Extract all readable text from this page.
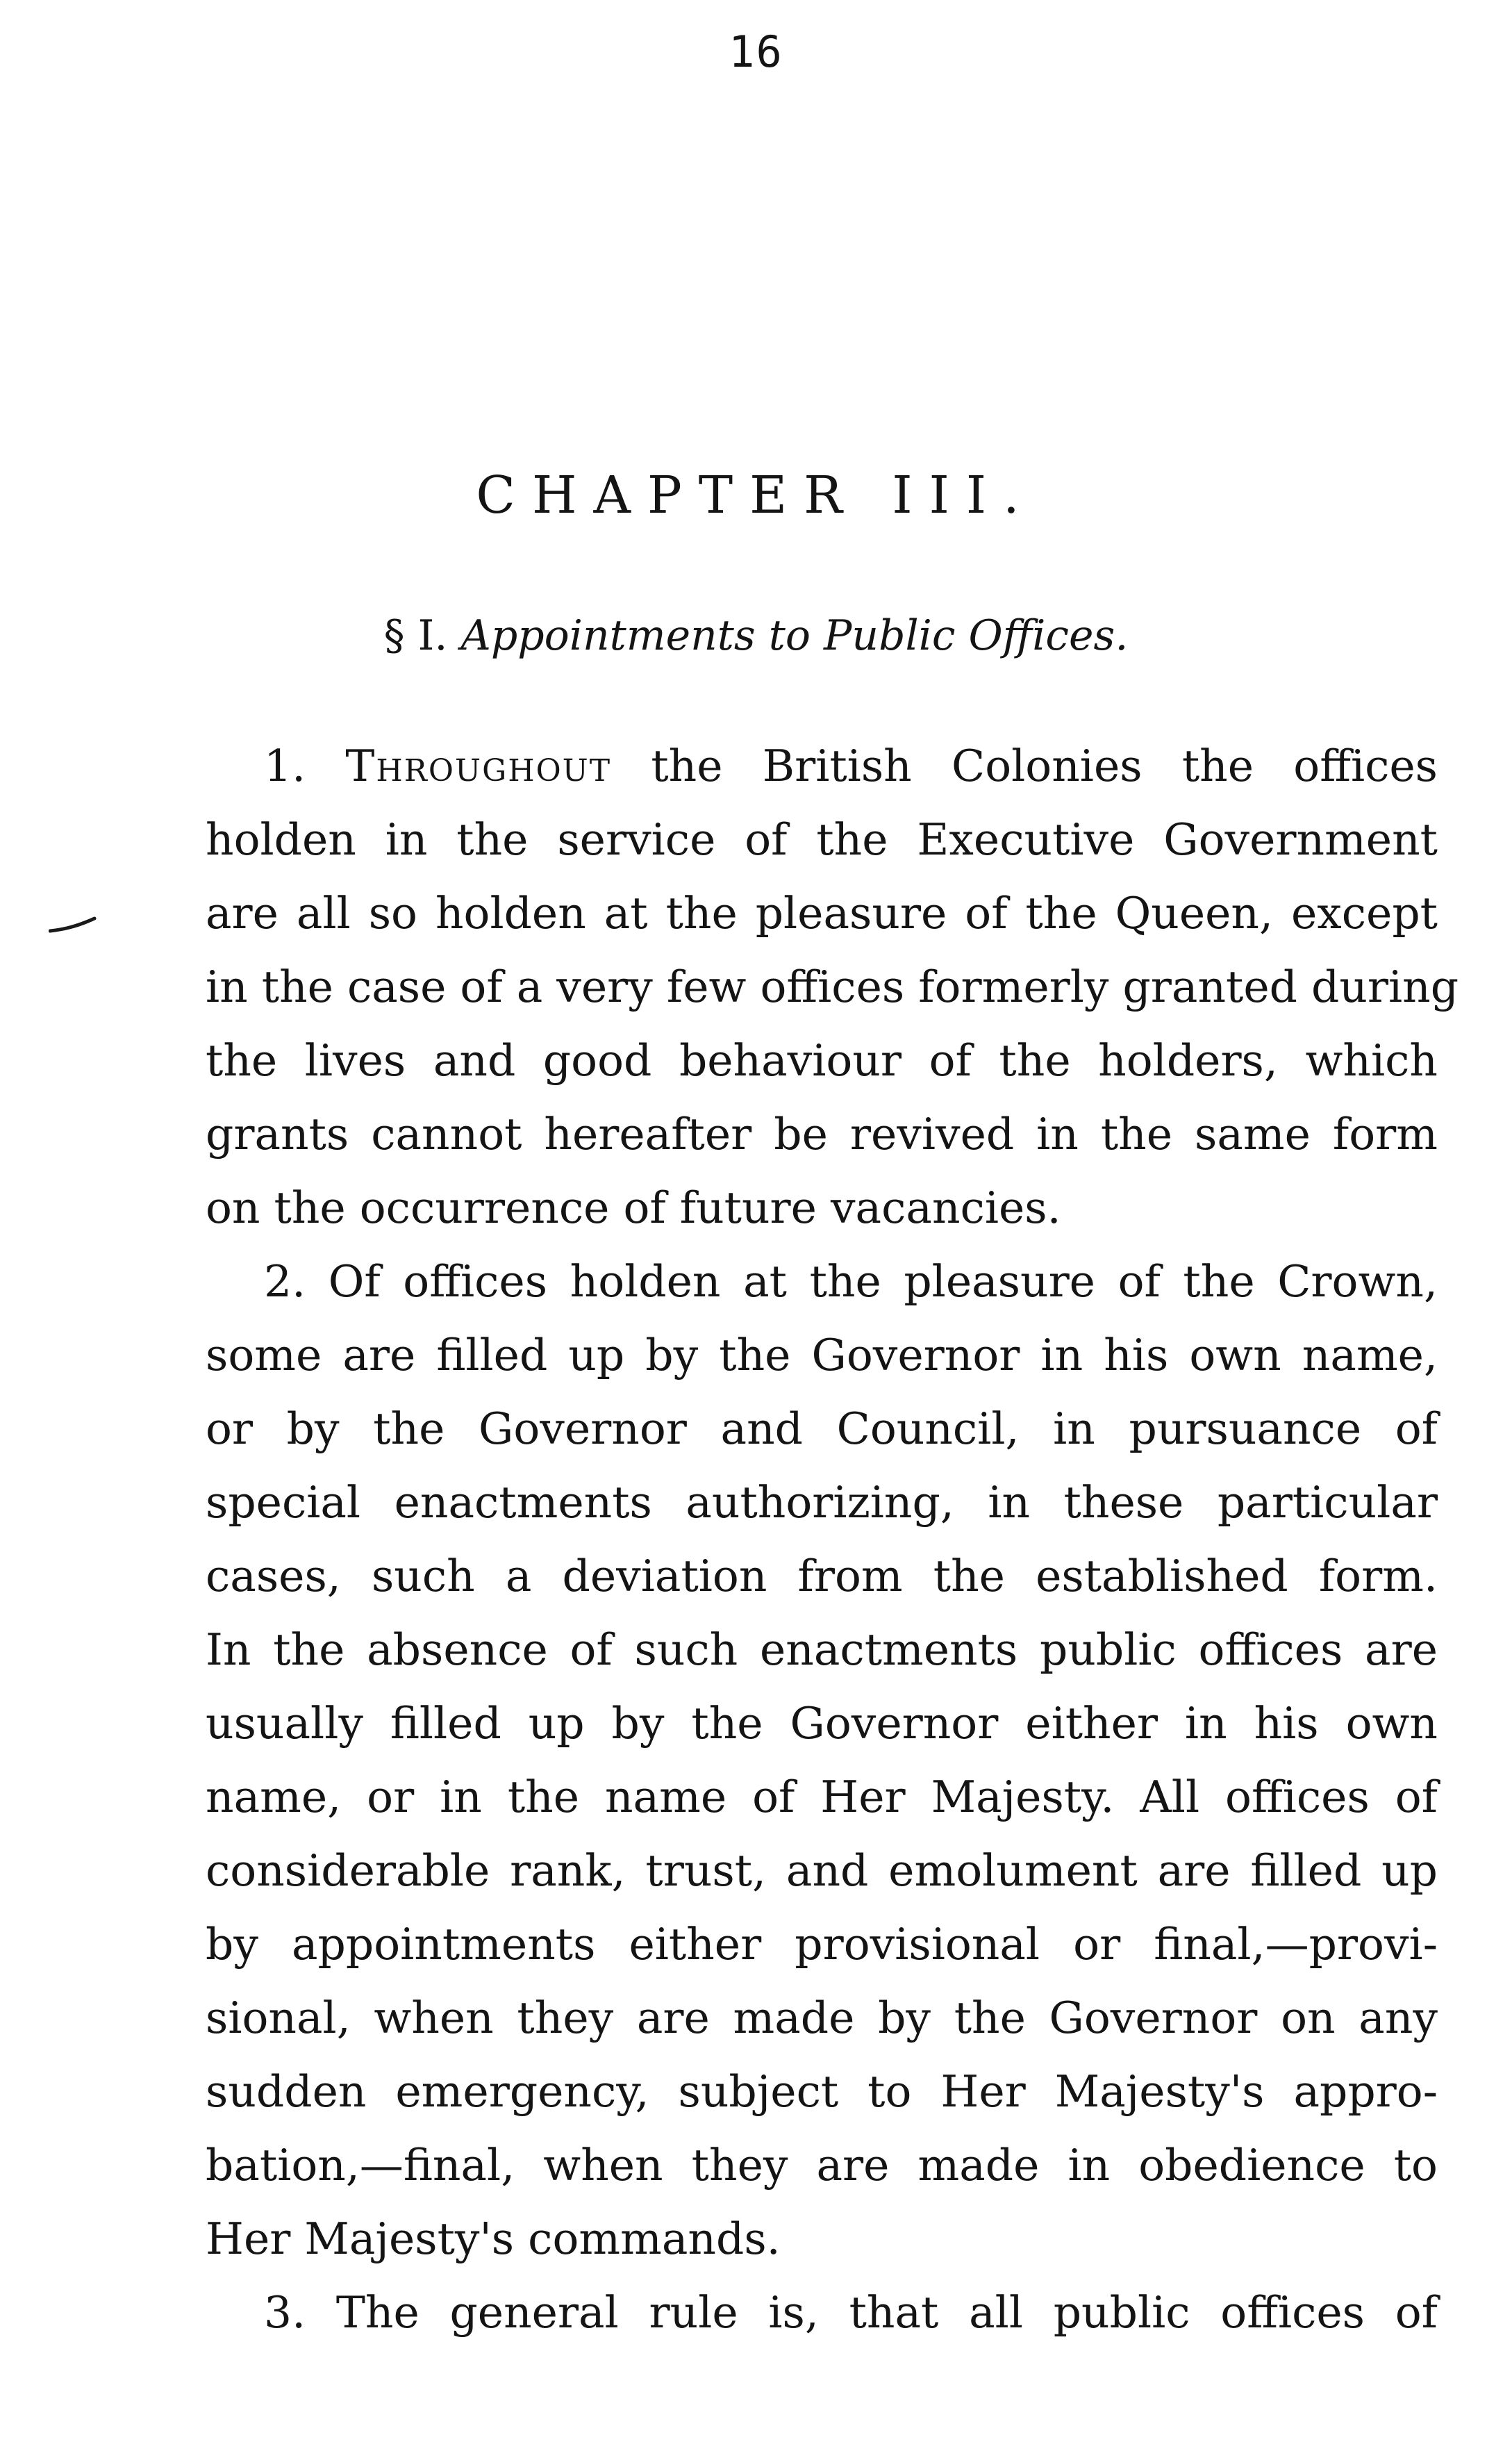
16
CHAPTER III.
§ I. Appointments to Public Offices.
1. Throughout the British Colonies the offices
holden in the service of the Executive Government
are all so holden at the pleasure of the Queen, except
in the case of a very few offices formerly granted during
the lives and good behaviour of the holders, which
grants cannot hereafter be revived in the same form
on the occurrence of future vacancies.
2. Of offices holden at the pleasure of the Crown,
some are filled up by the Governor in his own name,
or by the Governor and Council, in pursuance of
special enactments authorizing, in these particular
cases, such a deviation from the established form.
In the absence of such enactments public offices are
usually filled up by the Governor either in his own
name, or in the name of Her Majesty. All offices of
considerable rank, trust, and emolument are filled up
by appointments either provisional or final,—provi-
sional, when they are made by the Governor on any
sudden emergency, subject to Her Majesty's appro-
bation,—final, when they are made in obedience to
Her Majesty's commands.
3. The general rule is, that all public offices of
